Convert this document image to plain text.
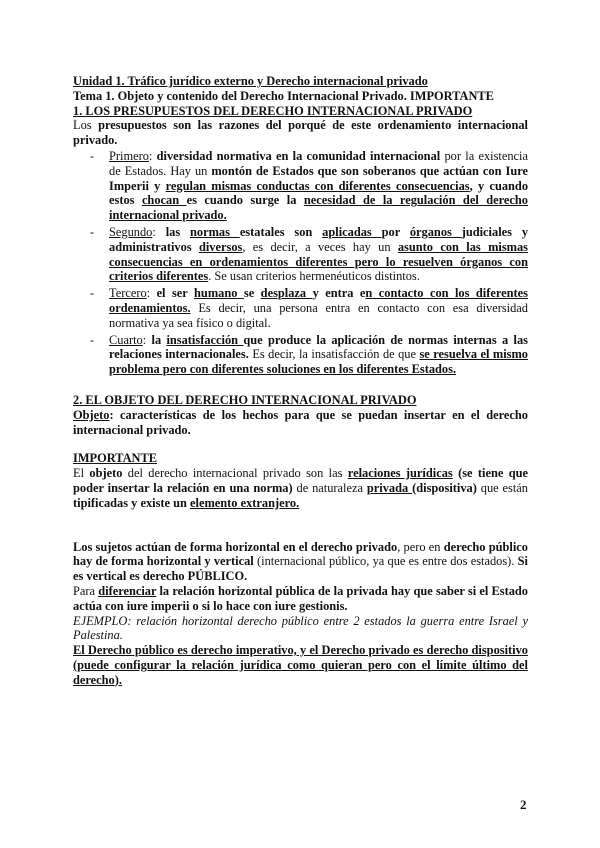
Unidad 1. Tráfico jurídico externo y Derecho internacional privado
Tema 1. Objeto y contenido del Derecho Internacional Privado. IMPORTANTE
1. LOS PRESUPUESTOS DEL DERECHO INTERNACIONAL PRIVADO
Los presupuestos son las razones del porqué de este ordenamiento internacional privado.
- Primero: diversidad normativa en la comunidad internacional por la existencia de Estados. Hay un montón de Estados que son soberanos que actúan con Iure Imperii y regulan mismas conductas con diferentes consecuencias, y cuando estos chocan es cuando surge la necesidad de la regulación del derecho internacional privado.
- Segundo: las normas estatales son aplicadas por órganos judiciales y administrativos diversos, es decir, a veces hay un asunto con las mismas consecuencias en ordenamientos diferentes pero lo resuelven órganos con criterios diferentes. Se usan criterios hermenéuticos distintos.
- Tercero: el ser humano se desplaza y entra en contacto con los diferentes ordenamientos. Es decir, una persona entra en contacto con esa diversidad normativa ya sea físico o digital.
- Cuarto: la insatisfacción que produce la aplicación de normas internas a las relaciones internacionales. Es decir, la insatisfacción de que se resuelva el mismo problema pero con diferentes soluciones en los diferentes Estados.
2. EL OBJETO DEL DERECHO INTERNACIONAL PRIVADO
Objeto: características de los hechos para que se puedan insertar en el derecho internacional privado.
IMPORTANTE
El objeto del derecho internacional privado son las relaciones jurídicas (se tiene que poder insertar la relación en una norma) de naturaleza privada (dispositiva) que están tipificadas y existe un elemento extranjero.
Los sujetos actúan de forma horizontal en el derecho privado, pero en derecho público hay de forma horizontal y vertical (internacional público, ya que es entre dos estados). Si es vertical es derecho PÚBLICO.
Para diferenciar la relación horizontal pública de la privada hay que saber si el Estado actúa con iure imperii o si lo hace con iure gestionis.
EJEMPLO: relación horizontal derecho público entre 2 estados la guerra entre Israel y Palestina.
El Derecho público es derecho imperativo, y el Derecho privado es derecho dispositivo (puede configurar la relación jurídica como quieran pero con el límite último del derecho).
2
